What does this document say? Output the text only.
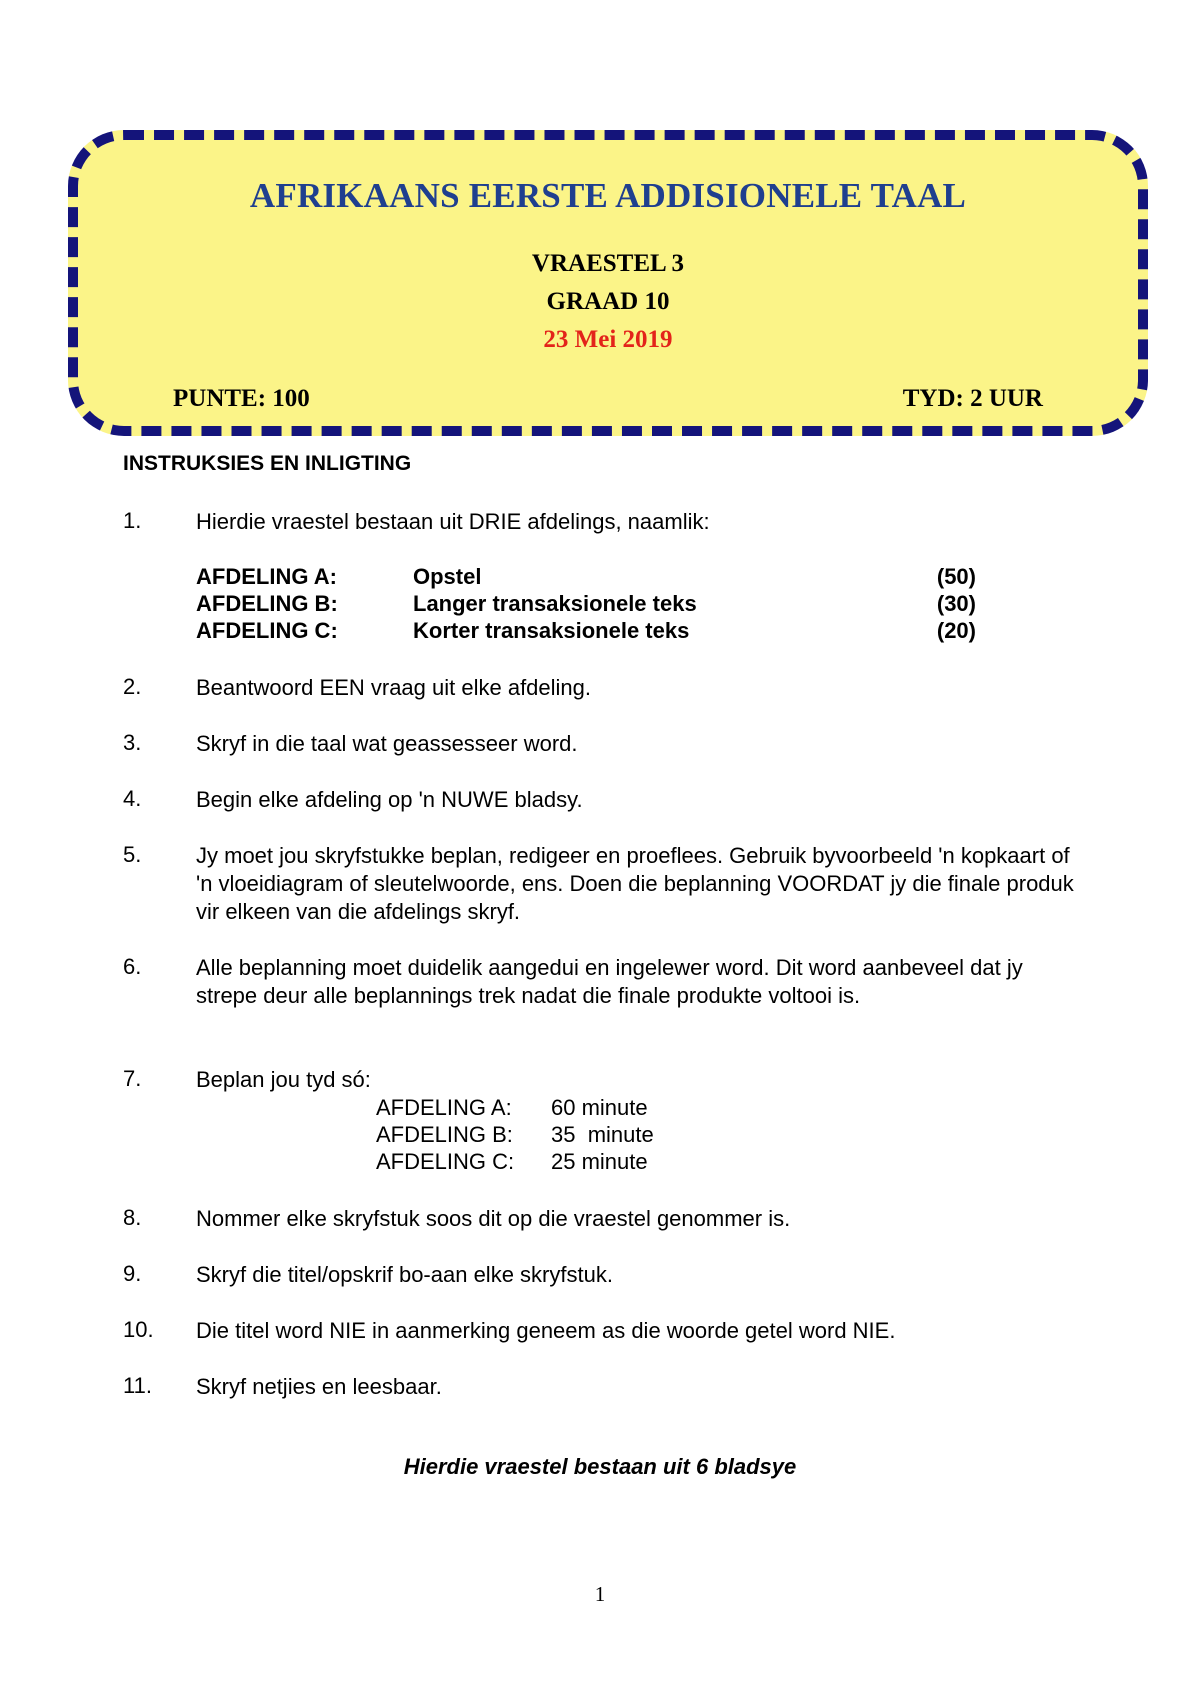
AFRIKAANS EERSTE ADDISIONELE TAAL
VRAESTEL 3
GRAAD 10
23 Mei 2019
PUNTE: 100	TYD: 2 UUR
INSTRUKSIES EN INLIGTING
1. Hierdie vraestel bestaan uit DRIE afdelings, naamlik:
AFDELING A:	Opstel	(50)
AFDELING B:	Langer transaksionele teks	(30)
AFDELING C:	Korter transaksionele teks	(20)
2. Beantwoord EEN vraag uit elke afdeling.
3. Skryf in die taal wat geassesseer word.
4. Begin elke afdeling op 'n NUWE bladsy.
5. Jy moet jou skryfstukke beplan, redigeer en proeflees. Gebruik byvoorbeeld 'n kopkaart of 'n vloeidiagram of sleutelwoorde, ens. Doen die beplanning VOORDAT jy die finale produk vir elkeen van die afdelings skryf.
6. Alle beplanning moet duidelik aangedui en ingelewer word. Dit word aanbeveel dat jy strepe deur alle beplannings trek nadat die finale produkte voltooi is.
7. Beplan jou tyd só:
AFDELING A: 60 minute
AFDELING B: 35  minute
AFDELING C: 25 minute
8. Nommer elke skryfstuk soos dit op die vraestel genommer is.
9. Skryf die titel/opskrif bo-aan elke skryfstuk.
10. Die titel word NIE in aanmerking geneem as die woorde getel word NIE.
11. Skryf netjies en leesbaar.
Hierdie vraestel bestaan uit 6 bladsye
1
